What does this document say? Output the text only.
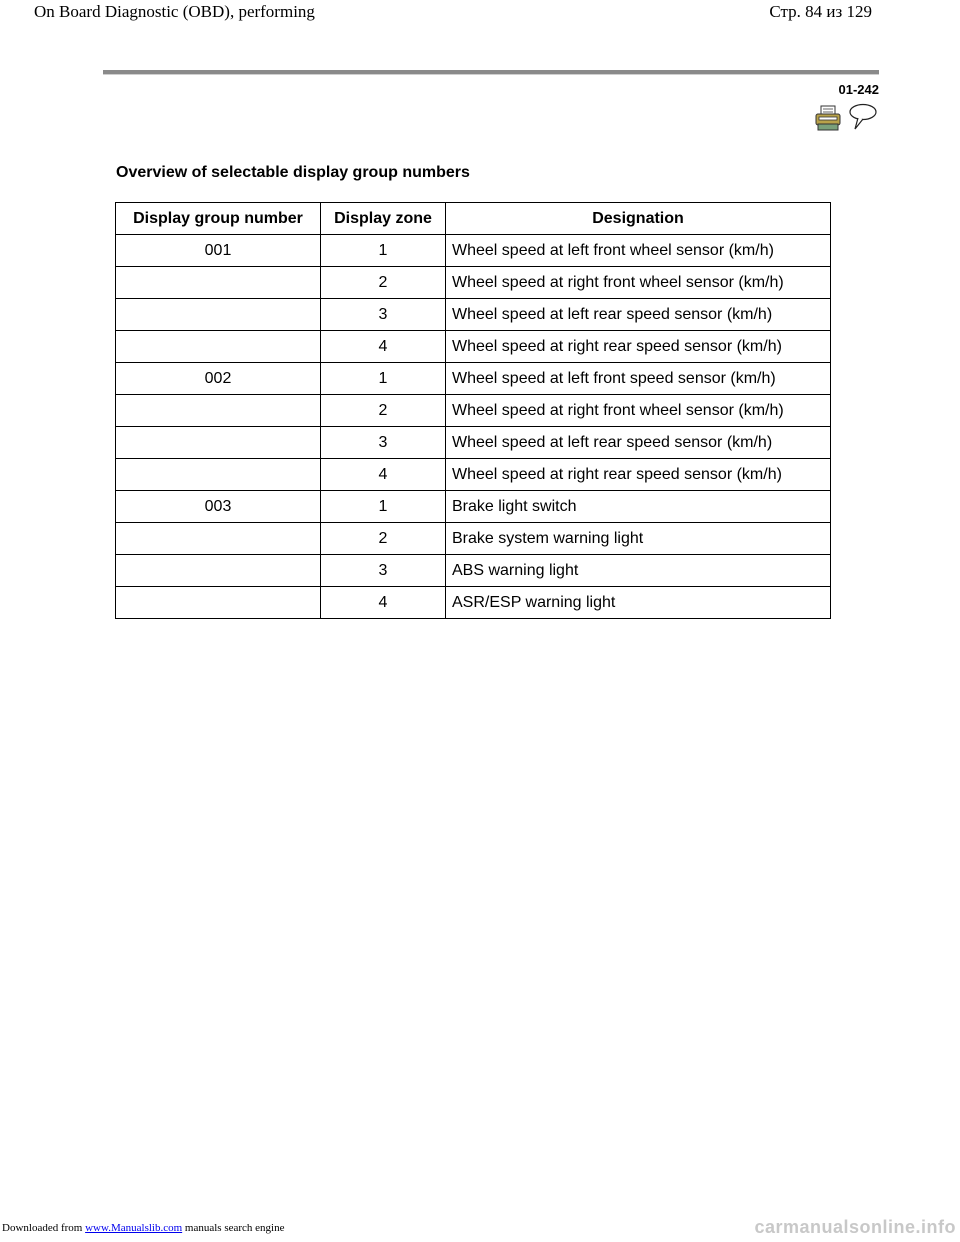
On Board Diagnostic (OBD), performing	Стр. 84 из 129
01-242
Overview of selectable display group numbers
Display group number	Display zone	Designation
001	1	Wheel speed at left front wheel sensor (km/h)
	2	Wheel speed at right front wheel sensor (km/h)
	3	Wheel speed at left rear speed sensor (km/h)
	4	Wheel speed at right rear speed sensor (km/h)
002	1	Wheel speed at left front speed sensor (km/h)
	2	Wheel speed at right front wheel sensor (km/h)
	3	Wheel speed at left rear speed sensor (km/h)
	4	Wheel speed at right rear speed sensor (km/h)
003	1	Brake light switch
	2	Brake system warning light
	3	ABS warning light
	4	ASR/ESP warning light
Downloaded from www.Manualslib.com manuals search engine	carmanualsonline.info
